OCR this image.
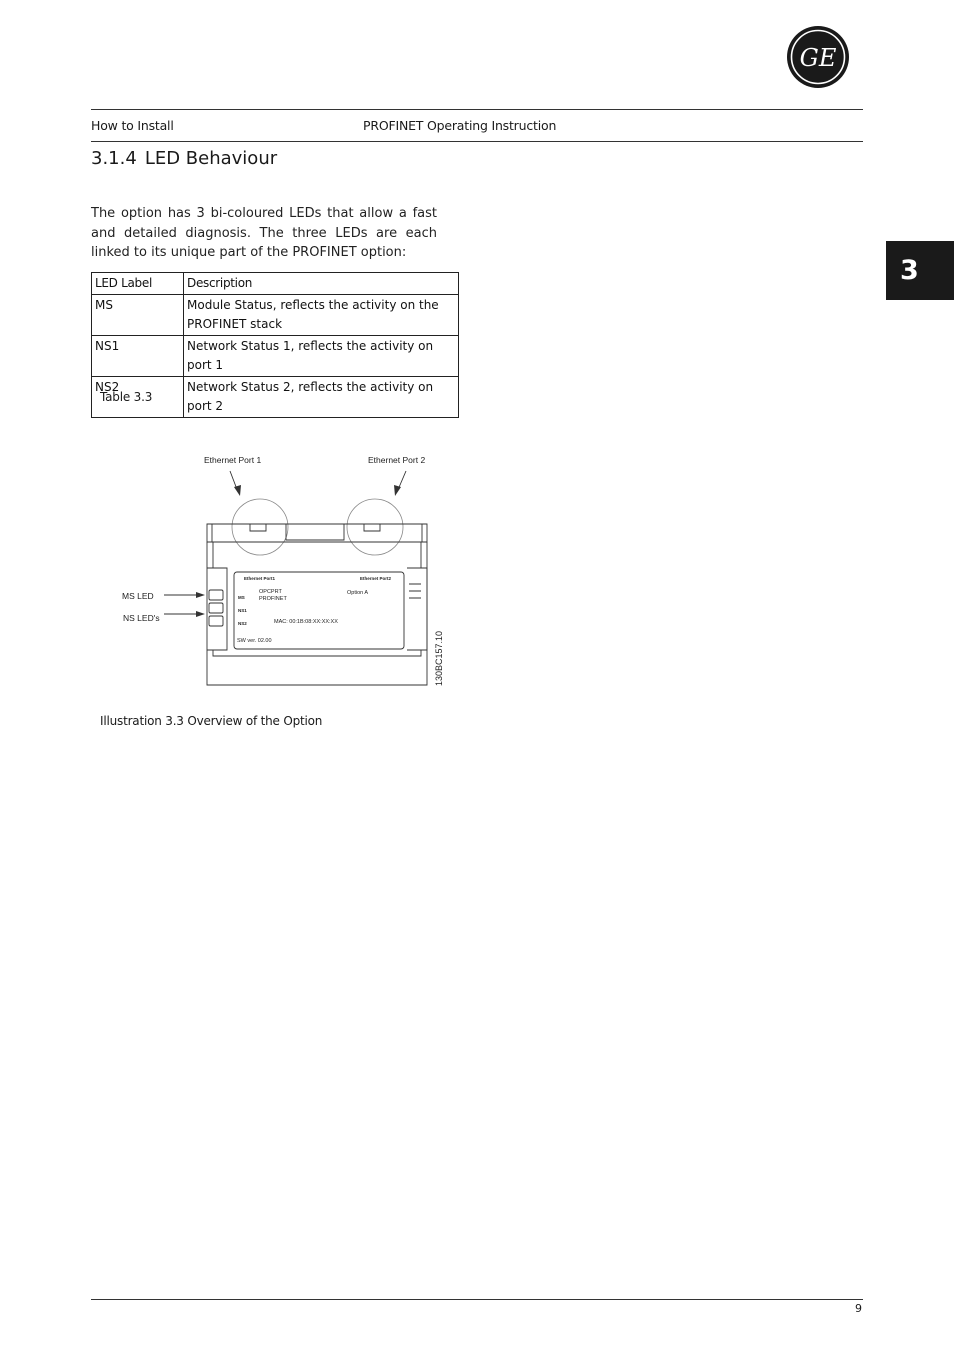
GE
How to Install	PROFINET Operating Instruction
3
3.1.4 LED Behaviour

The option has 3 bi-coloured LEDs that allow a fast and detailed diagnosis. The three LEDs are each linked to its unique part of the PROFINET option:

LED Label	Description
MS	Module Status, reflects the activity on the PROFINET stack
NS1	Network Status 1, reflects the activity on port 1
NS2	Network Status 2, reflects the activity on port 2
Table 3.3
Ethernet Port 1	Ethernet Port 2
MS LED
NS LED's
Ethernet Port1	Ethernet Port2
MS
NS1
NS2
OPCPRT
PROFINET
Option A
MAC: 00:1B:08:XX:XX:XX
SW ver. 02.00	130BC157.10
Illustration 3.3 Overview of the Option
9
